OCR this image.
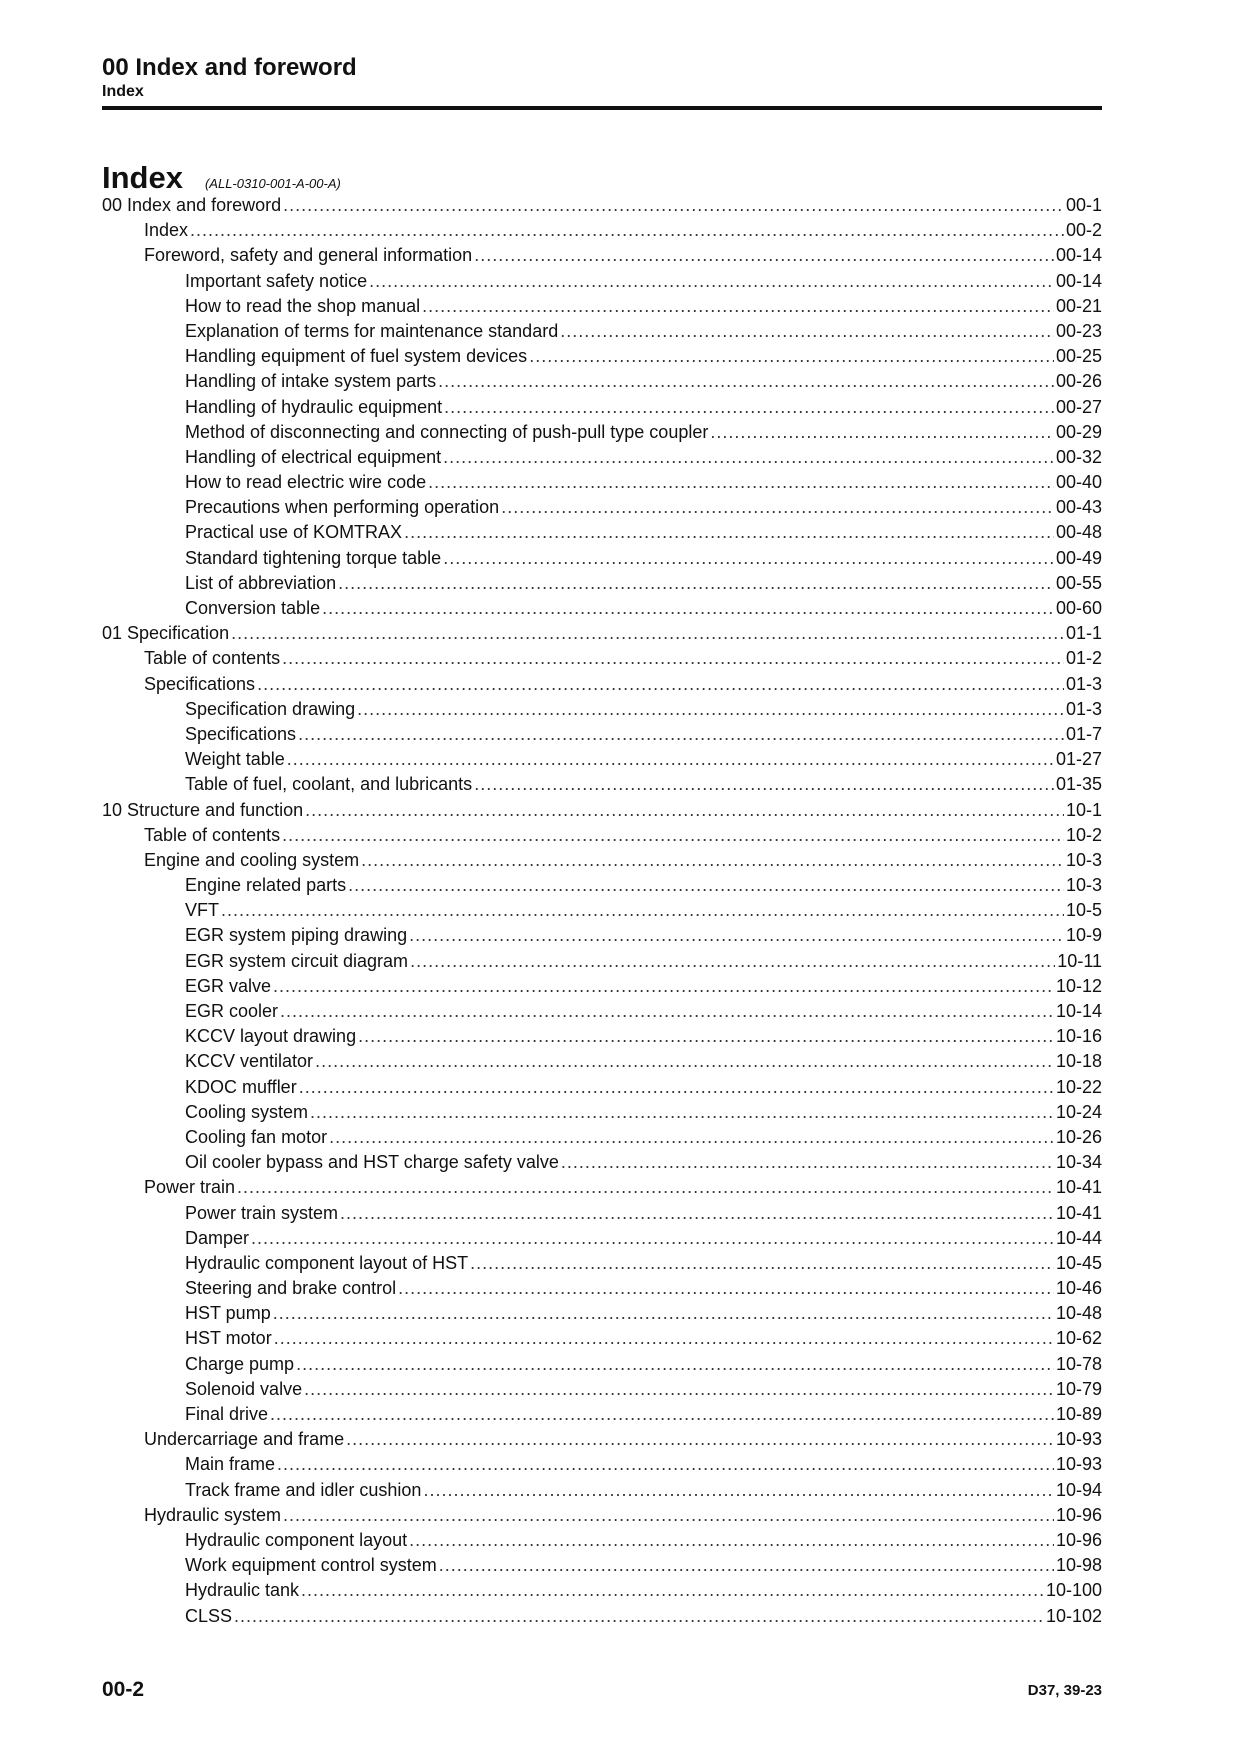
00 Index and foreword
Index
Index (ALL-0310-001-A-00-A)
00 Index and foreword .....	00-1
Index .....	00-2
Foreword, safety and general information .....	00-14
Important safety notice .....	00-14
How to read the shop manual .....	00-21
Explanation of terms for maintenance standard .....	00-23
Handling equipment of fuel system devices .....	00-25
Handling of intake system parts .....	00-26
Handling of hydraulic equipment .....	00-27
Method of disconnecting and connecting of push-pull type coupler .....	00-29
Handling of electrical equipment .....	00-32
How to read electric wire code .....	00-40
Precautions when performing operation .....	00-43
Practical use of KOMTRAX .....	00-48
Standard tightening torque table .....	00-49
List of abbreviation .....	00-55
Conversion table .....	00-60
01 Specification .....	01-1
Table of contents .....	01-2
Specifications .....	01-3
Specification drawing .....	01-3
Specifications .....	01-7
Weight table .....	01-27
Table of fuel, coolant, and lubricants .....	01-35
10 Structure and function .....	10-1
Table of contents .....	10-2
Engine and cooling system .....	10-3
Engine related parts .....	10-3
VFT .....	10-5
EGR system piping drawing .....	10-9
EGR system circuit diagram .....	10-11
EGR valve .....	10-12
EGR cooler .....	10-14
KCCV layout drawing .....	10-16
KCCV ventilator .....	10-18
KDOC muffler .....	10-22
Cooling system .....	10-24
Cooling fan motor .....	10-26
Oil cooler bypass and HST charge safety valve .....	10-34
Power train .....	10-41
Power train system .....	10-41
Damper .....	10-44
Hydraulic component layout of HST .....	10-45
Steering and brake control .....	10-46
HST pump .....	10-48
HST motor .....	10-62
Charge pump .....	10-78
Solenoid valve .....	10-79
Final drive .....	10-89
Undercarriage and frame .....	10-93
Main frame .....	10-93
Track frame and idler cushion .....	10-94
Hydraulic system .....	10-96
Hydraulic component layout .....	10-96
Work equipment control system .....	10-98
Hydraulic tank .....	10-100
CLSS .....	10-102
00-2	D37, 39-23
